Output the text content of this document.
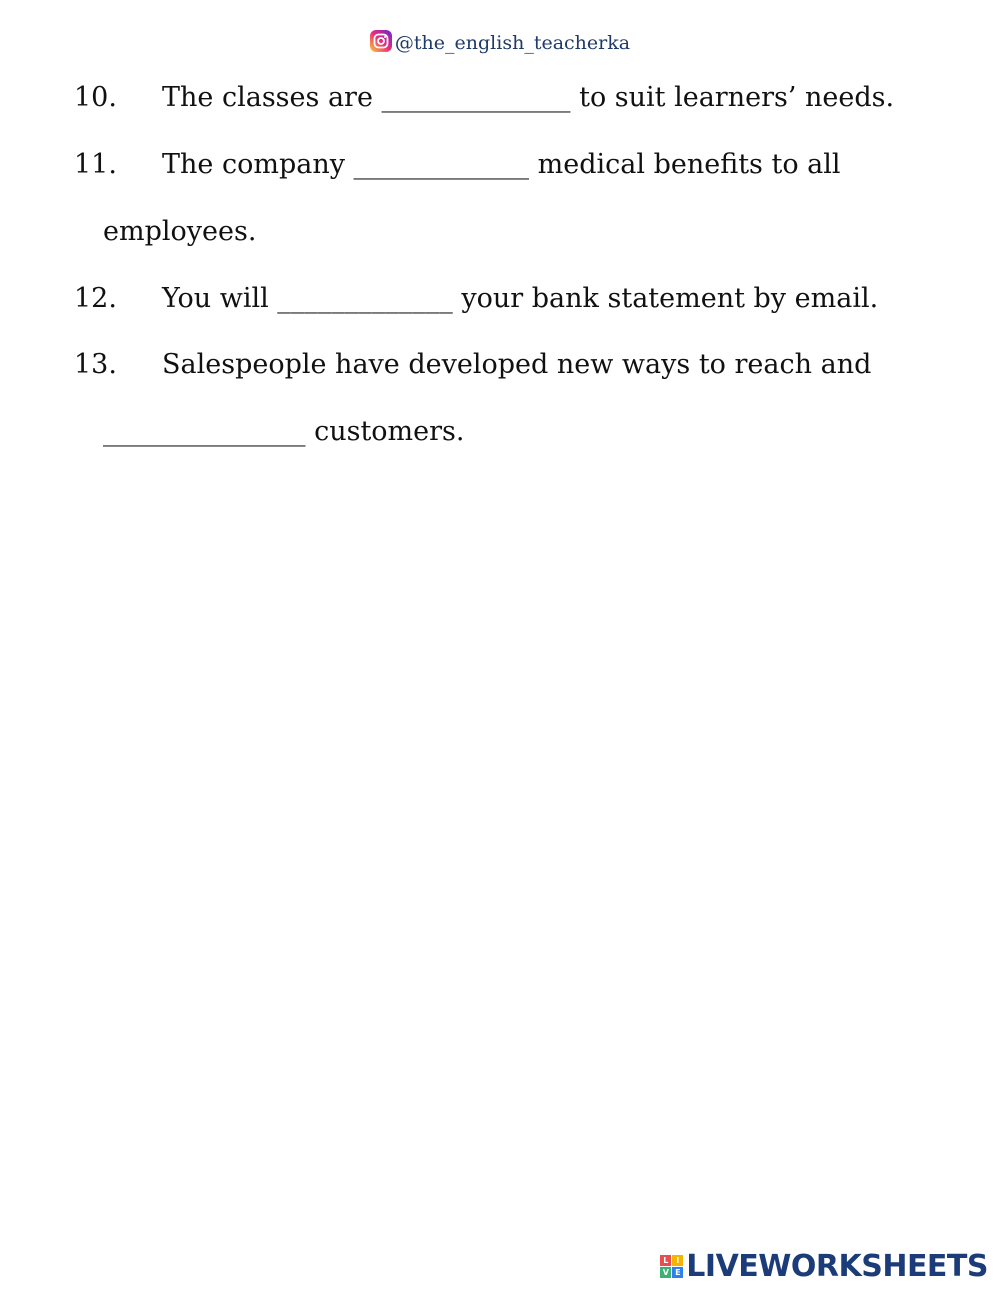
@the_english_teacherka
10. The classes are ______________ to suit learners’ needs.
11. The company _____________ medical benefits to all
employees.
12. You will _____________ your bank statement by email.
13. Salespeople have developed new ways to reach and
_______________ customers.
L I
V E LIVEWORKSHEETS
